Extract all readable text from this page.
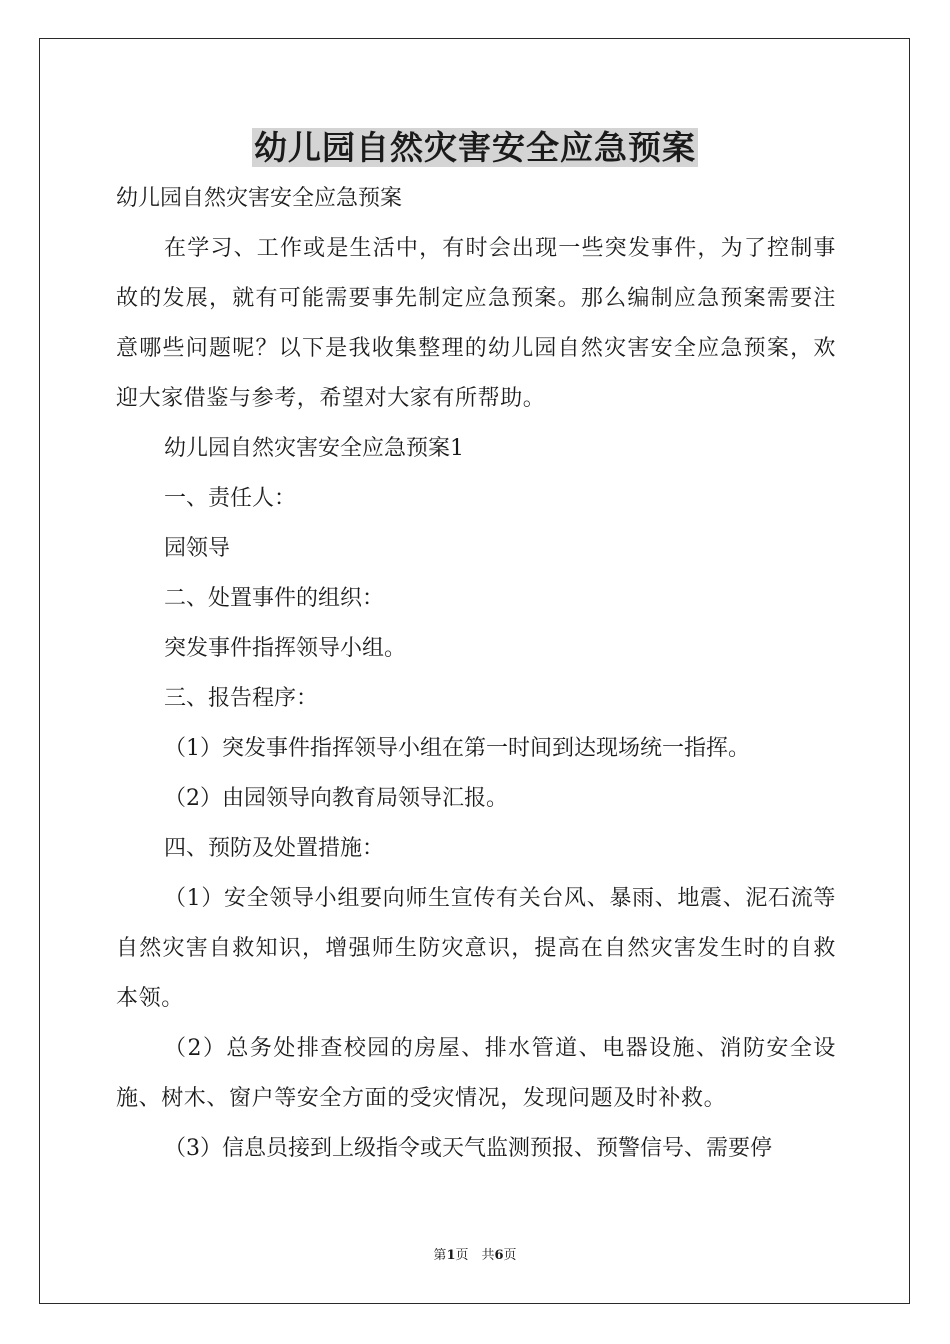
幼儿园自然灾害安全应急预案

幼儿园自然灾害安全应急预案

在学习、工作或是生活中，有时会出现一些突发事件，为了控制事故的发展，就有可能需要事先制定应急预案。那么编制应急预案需要注意哪些问题呢？以下是我收集整理的幼儿园自然灾害安全应急预案，欢迎大家借鉴与参考，希望对大家有所帮助。

幼儿园自然灾害安全应急预案1

一、责任人：

园领导

二、处置事件的组织：

突发事件指挥领导小组。

三、报告程序：

（1）突发事件指挥领导小组在第一时间到达现场统一指挥。

（2）由园领导向教育局领导汇报。

四、预防及处置措施：

（1）安全领导小组要向师生宣传有关台风、暴雨、地震、泥石流等自然灾害自救知识，增强师生防灾意识，提高在自然灾害发生时的自救本领。

（2）总务处排查校园的房屋、排水管道、电器设施、消防安全设施、树木、窗户等安全方面的受灾情况，发现问题及时补救。

（3）信息员接到上级指令或天气监测预报、预警信号、需要停

第1页　共6页
